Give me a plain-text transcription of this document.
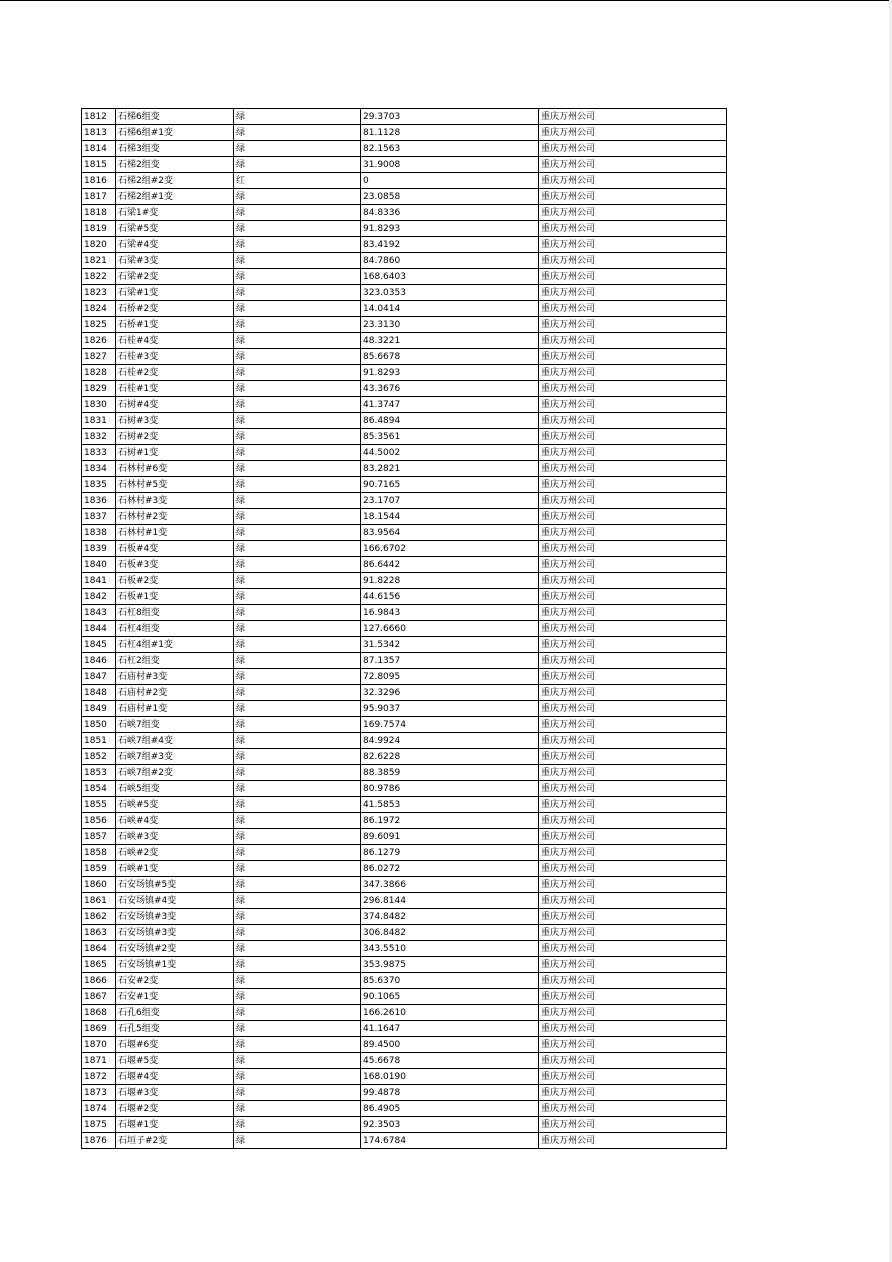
1812	石梯6组变	绿	29.3703	重庆万州公司
1813	石梯6组#1变	绿	81.1128	重庆万州公司
1814	石梯3组变	绿	82.1563	重庆万州公司
1815	石梯2组变	绿	31.9008	重庆万州公司
1816	石梯2组#2变	红	0	重庆万州公司
1817	石梯2组#1变	绿	23.0858	重庆万州公司
1818	石梁1#变	绿	84.8336	重庆万州公司
1819	石梁#5变	绿	91.8293	重庆万州公司
1820	石梁#4变	绿	83.4192	重庆万州公司
1821	石梁#3变	绿	84.7860	重庆万州公司
1822	石梁#2变	绿	168.6403	重庆万州公司
1823	石梁#1变	绿	323.0353	重庆万州公司
1824	石桥#2变	绿	14.0414	重庆万州公司
1825	石桥#1变	绿	23.3130	重庆万州公司
1826	石桂#4变	绿	48.3221	重庆万州公司
1827	石桂#3变	绿	85.6678	重庆万州公司
1828	石桂#2变	绿	91.8293	重庆万州公司
1829	石桂#1变	绿	43.3676	重庆万州公司
1830	石树#4变	绿	41.3747	重庆万州公司
1831	石树#3变	绿	86.4894	重庆万州公司
1832	石树#2变	绿	85.3561	重庆万州公司
1833	石树#1变	绿	44.5002	重庆万州公司
1834	石林村#6变	绿	83.2821	重庆万州公司
1835	石林村#5变	绿	90.7165	重庆万州公司
1836	石林村#3变	绿	23.1707	重庆万州公司
1837	石林村#2变	绿	18.1544	重庆万州公司
1838	石林村#1变	绿	83.9564	重庆万州公司
1839	石板#4变	绿	166.6702	重庆万州公司
1840	石板#3变	绿	86.6442	重庆万州公司
1841	石板#2变	绿	91.8228	重庆万州公司
1842	石板#1变	绿	44.6156	重庆万州公司
1843	石杠8组变	绿	16.9843	重庆万州公司
1844	石杠4组变	绿	127.6660	重庆万州公司
1845	石杠4组#1变	绿	31.5342	重庆万州公司
1846	石杠2组变	绿	87.1357	重庆万州公司
1847	石庙村#3变	绿	72.8095	重庆万州公司
1848	石庙村#2变	绿	32.3296	重庆万州公司
1849	石庙村#1变	绿	95.9037	重庆万州公司
1850	石峡7组变	绿	169.7574	重庆万州公司
1851	石峡7组#4变	绿	84.9924	重庆万州公司
1852	石峡7组#3变	绿	82.6228	重庆万州公司
1853	石峡7组#2变	绿	88.3859	重庆万州公司
1854	石峡5组变	绿	80.9786	重庆万州公司
1855	石峡#5变	绿	41.5853	重庆万州公司
1856	石峡#4变	绿	86.1972	重庆万州公司
1857	石峡#3变	绿	89.6091	重庆万州公司
1858	石峡#2变	绿	86.1279	重庆万州公司
1859	石峡#1变	绿	86.0272	重庆万州公司
1860	石安场镇#5变	绿	347.3866	重庆万州公司
1861	石安场镇#4变	绿	296.8144	重庆万州公司
1862	石安场镇#3变	绿	374.8482	重庆万州公司
1863	石安场镇#3变	绿	306.8482	重庆万州公司
1864	石安场镇#2变	绿	343.5510	重庆万州公司
1865	石安场镇#1变	绿	353.9875	重庆万州公司
1866	石安#2变	绿	85.6370	重庆万州公司
1867	石安#1变	绿	90.1065	重庆万州公司
1868	石孔6组变	绿	166.2610	重庆万州公司
1869	石孔5组变	绿	41.1647	重庆万州公司
1870	石堰#6变	绿	89.4500	重庆万州公司
1871	石堰#5变	绿	45.6678	重庆万州公司
1872	石堰#4变	绿	168.0190	重庆万州公司
1873	石堰#3变	绿	99.4878	重庆万州公司
1874	石堰#2变	绿	86.4905	重庆万州公司
1875	石堰#1变	绿	92.3503	重庆万州公司
1876	石垣子#2变	绿	174.6784	重庆万州公司
